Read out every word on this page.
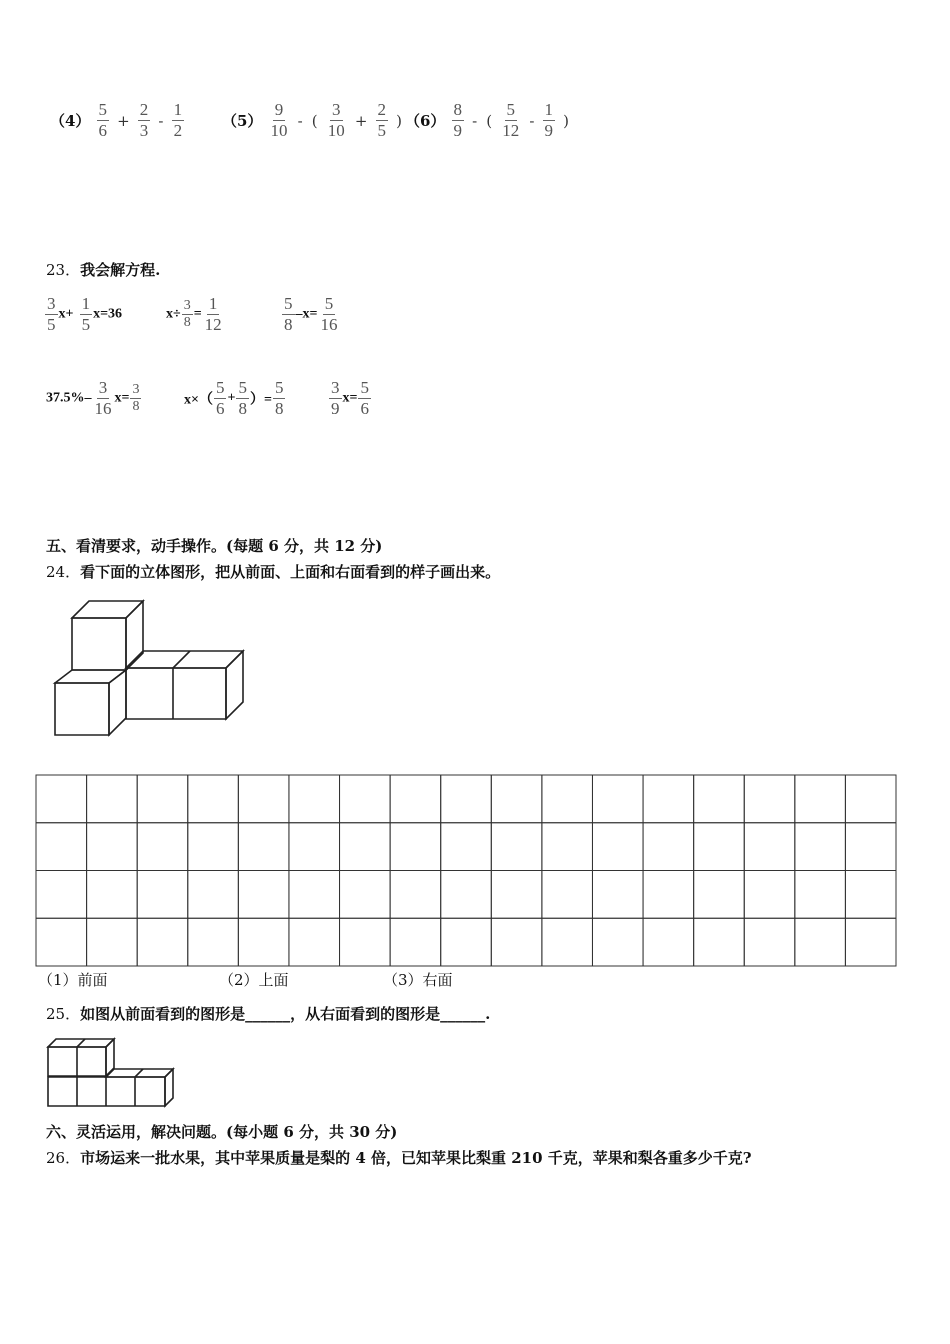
$(4) \frac{5}{6} + \frac{2}{3} - \frac{1}{2}$	$(5) \frac{9}{10}$ - ( $\frac{3}{10} + \frac{2}{5}$ ) $(6) \frac{8}{9}$ - ( $\frac{5}{12} - \frac{1}{9}$ )
23．我会解方程.
$\frac{3}{5} x+ \frac{1}{5} x=36$	$x\div \frac{3}{8} = \frac{1}{12}$	$\frac{5}{8} -x= \frac{5}{16}$
$37.5\%- \frac{3}{16} x= \frac{3}{8}$	$x\times( \frac{5}{6} + \frac{5}{8}$ ）= $\frac{5}{8}$	$\frac{3}{9} x= \frac{5}{6}$
五、看清要求，动手操作。(每题 6 分，共 12 分)
24．看下面的立体图形，把从前面、上面和右面看到的样子画出来。
（1）前面	（2）上面	（3）右面
25．如图从前面看到的图形是______，从右面看到的图形是______.
六、灵活运用，解决问题。(每小题 6 分，共 30 分)
26．市场运来一批水果，其中苹果质量是梨的 4 倍，已知苹果比梨重 210 千克，苹果和梨各重多少千克?
